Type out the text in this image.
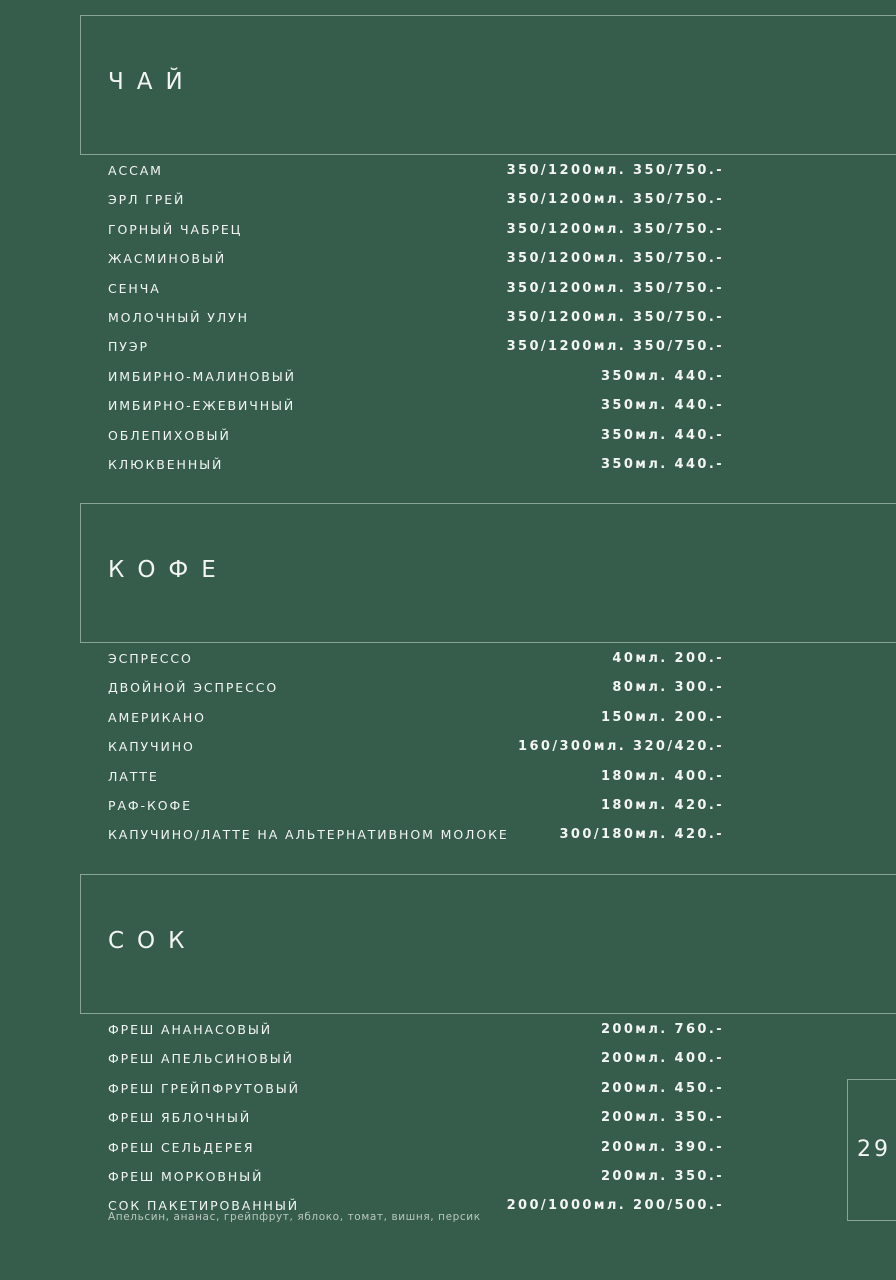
ЧАЙ
АССАМ	350/1200мл. 350/750.-
ЭРЛ ГРЕЙ	350/1200мл. 350/750.-
ГОРНЫЙ ЧАБРЕЦ	350/1200мл. 350/750.-
ЖАСМИНОВЫЙ	350/1200мл. 350/750.-
СЕНЧА	350/1200мл. 350/750.-
МОЛОЧНЫЙ УЛУН	350/1200мл. 350/750.-
ПУЭР	350/1200мл. 350/750.-
ИМБИРНО-МАЛИНОВЫЙ	350мл. 440.-
ИМБИРНО-ЕЖЕВИЧНЫЙ	350мл. 440.-
ОБЛЕПИХОВЫЙ	350мл. 440.-
КЛЮКВЕННЫЙ	350мл. 440.-
КОФЕ
ЭСПРЕССО	40мл. 200.-
ДВОЙНОЙ ЭСПРЕССО	80мл. 300.-
АМЕРИКАНО	150мл. 200.-
КАПУЧИНО	160/300мл. 320/420.-
ЛАТТЕ	180мл. 400.-
РАФ-КОФЕ	180мл. 420.-
КАПУЧИНО/ЛАТТЕ НА АЛЬТЕРНАТИВНОМ МОЛОКЕ	300/180мл. 420.-
СОК
ФРЕШ АНАНАСОВЫЙ	200мл. 760.-
ФРЕШ АПЕЛЬСИНОВЫЙ	200мл. 400.-
ФРЕШ ГРЕЙПФРУТОВЫЙ	200мл. 450.-
ФРЕШ ЯБЛОЧНЫЙ	200мл. 350.-
ФРЕШ СЕЛЬДЕРЕЯ	200мл. 390.-
ФРЕШ МОРКОВНЫЙ	200мл. 350.-
СОК ПАКЕТИРОВАННЫЙ	200/1000мл. 200/500.-
Апельсин, ананас, грейпфрут, яблоко, томат, вишня, персик
29
